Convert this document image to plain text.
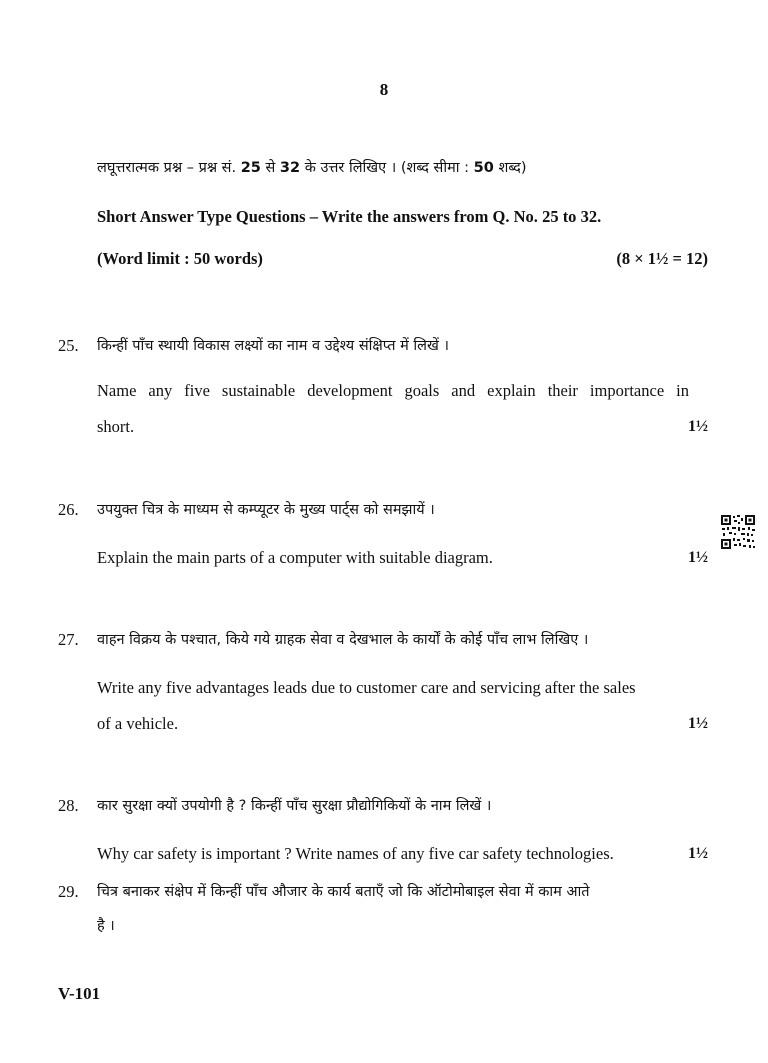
8
लघूत्तरात्मक प्रश्न – प्रश्न सं. 25 से 32 के उत्तर लिखिए । (शब्द सीमा : 50 शब्द)
Short Answer Type Questions – Write the answers from Q. No. 25 to 32.
(Word limit : 50 words)	(8 × 1½ = 12)
25. किन्हीं पाँच स्थायी विकास लक्ष्यों का नाम व उद्देश्य संक्षिप्त में लिखें ।
Name any five sustainable development goals and explain their importance in
short.	1½
26. उपयुक्त चित्र के माध्यम से कम्प्यूटर के मुख्य पार्ट्स को समझायें ।
Explain the main parts of a computer with suitable diagram.	1½
27. वाहन विक्रय के पश्चात, किये गये ग्राहक सेवा व देखभाल के कार्यों के कोई पाँच लाभ लिखिए ।
Write any five advantages leads due to customer care and servicing after the sales
of a vehicle.	1½
28. कार सुरक्षा क्यों उपयोगी है ? किन्हीं पाँच सुरक्षा प्रौद्योगिकियों के नाम लिखें ।
Why car safety is important ? Write names of any five car safety technologies.	1½
29. चित्र बनाकर संक्षेप में किन्हीं पाँच औजार के कार्य बताएँ जो कि ऑटोमोबाइल सेवा में काम आते
है ।
V-101
